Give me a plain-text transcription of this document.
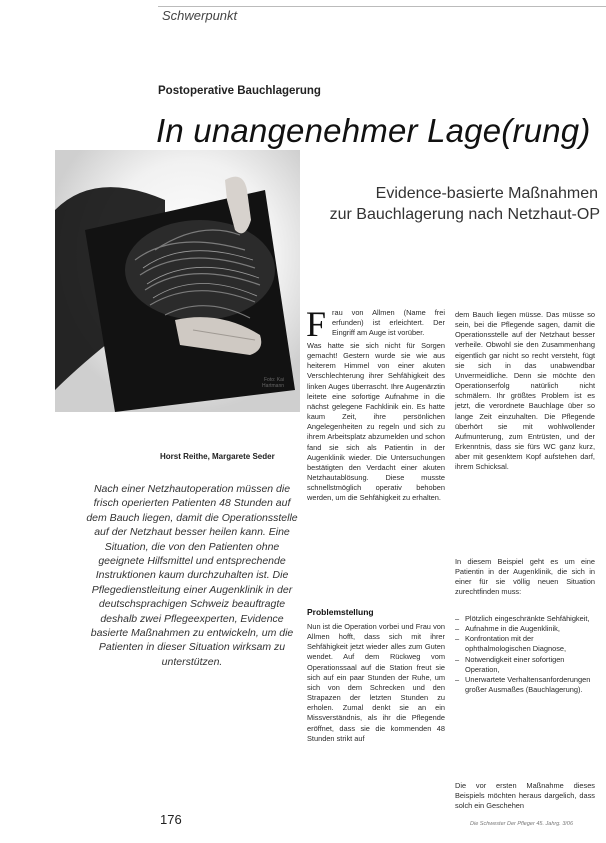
Schwerpunkt
Postoperative Bauchlagerung
In unangenehmer Lage(rung)
Evidence-basierte Maßnahmen
zur Bauchlagerung nach Netzhaut-OP
Foto: Kai Hartmann
Horst Reithe, Margarete Seder

Nach einer Netzhautoperation müssen die frisch operierten Patienten 48 Stunden auf dem Bauch liegen, damit die Operationsstelle auf der Netzhaut besser heilen kann. Eine Situation, die von den Patienten ohne geeignete Hilfsmittel und entsprechende Instruktionen kaum durchzuhalten ist. Die Pflegedienstleitung einer Augenklinik in der deutschsprachigen Schweiz beauftragte deshalb zwei Pflegeexperten, Evidence basierte Maßnahmen zu entwickeln, um die Patienten in dieser Situation wirksam zu unterstützen.

F rau von Allmen (Name frei erfunden) ist erleichtert. Der Eingriff am Auge ist vorüber.

Was hatte sie sich nicht für Sorgen gemacht! Gestern wurde sie wie aus heiterem Himmel von einer akuten Verschlechterung ihrer Sehfähigkeit des linken Auges überrascht. Ihre Augenärztin leitete eine sofortige Aufnahme in die nächst gelegene Fachklinik ein. Es hatte kaum Zeit, ihre persönlichen Angelegenheiten zu regeln und sich zu ihrem Arbeitsplatz abzumelden und schon fand sie sich als Patientin in der Augenklinik wieder. Die Untersuchungen bestätigten den Verdacht einer akuten Netzhautablösung. Diese musste schnellstmöglich operativ behoben werden, um die Sehfähigkeit zu erhalten.

Problemstellung

Nun ist die Operation vorbei und Frau von Allmen hofft, dass sich mit ihrer Sehfähigkeit jetzt wieder alles zum Guten wendet. Auf dem Rückweg vom Operationssaal auf die Station freut sie sich auf ein paar Stunden der Ruhe, um sich von dem Schrecken und den Strapazen der letzten Stunden zu erholen. Zumal denkt sie an ein Missverständnis, als ihr die Pflegende eröffnet, dass sie die kommenden 48 Stunden strikt auf

dem Bauch liegen müsse. Das müsse so sein, bei die Pflegende sagen, damit die Operationsstelle auf der Netzhaut besser verheile. Obwohl sie den Zusammenhang eigentlich gar nicht so recht versteht, fügt sie sich in das unabwendbar Unvermeidliche. Denn sie möchte den Operationserfolg natürlich nicht schmälern. Ihr größtes Problem ist es jetzt, die verordnete Bauchlage über so lange Zeit einzuhalten. Die Pflegende überhört sie mit wohlwollender Aufmunterung, zum Entrüsten, und der Erkenntnis, dass sie fürs WC ganz kurz, aber mit gesenktem Kopf aufstehen darf, ihrem Schicksal.

In diesem Beispiel geht es um eine Patientin in der Augenklinik, die sich in einer für sie völlig neuen Situation zurechtfinden muss:

– Plötzlich eingeschränkte Sehfähigkeit,
– Aufnahme in die Augenklinik,
– Konfrontation mit der ophthalmologischen Diagnose,
– Notwendigkeit einer sofortigen Operation,
– Unerwartete Verhaltensanforderungen großer Ausmaßes (Bauchlagerung).

Die vor ersten Maßnahme dieses Beispiels möchten heraus dargelich, dass solch ein Geschehen

176	Die Schwester Der Pfleger 45. Jahrg. 3/06
